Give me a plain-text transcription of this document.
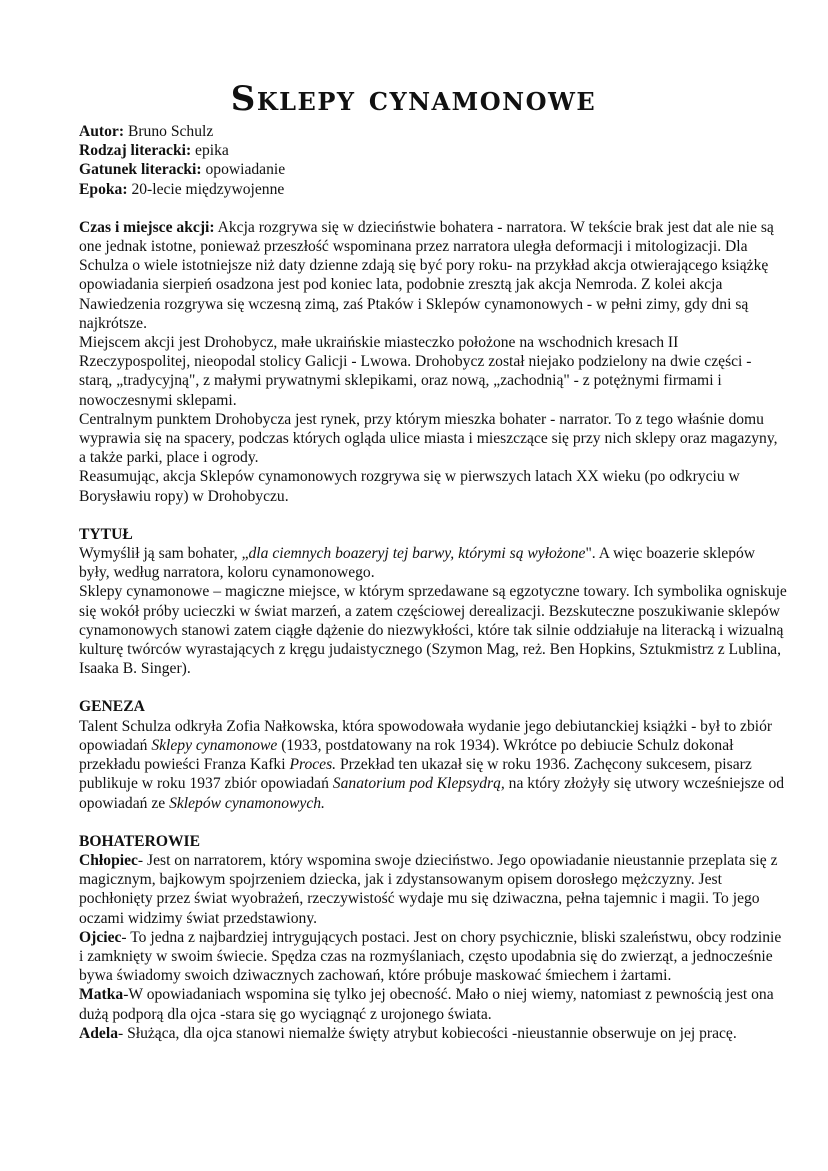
Sklepy cynamonowe

Autor: Bruno Schulz

Rodzaj literacki: epika

Gatunek literacki: opowiadanie

Epoka: 20-lecie międzywojenne

Czas i miejsce akcji: Akcja rozgrywa się w dzieciństwie bohatera - narratora. W tekście brak jest dat ale nie są one jednak istotne, ponieważ przeszłość wspominana przez narratora uległa deformacji i mitologizacji. Dla Schulza o wiele istotniejsze niż daty dzienne zdają się być pory roku- na przykład akcja otwierającego książkę opowiadania sierpień osadzona jest pod koniec lata, podobnie zresztą jak akcja Nemroda. Z kolei akcja Nawiedzenia rozgrywa się wczesną zimą, zaś Ptaków i Sklepów cynamonowych - w pełni zimy, gdy dni są najkrótsze.

Miejscem akcji jest Drohobycz, małe ukraińskie miasteczko położone na wschodnich kresach II Rzeczypospolitej, nieopodal stolicy Galicji - Lwowa. Drohobycz został niejako podzielony na dwie części - starą, „tradycyjną", z małymi prywatnymi sklepikami, oraz nową, „zachodnią" - z potężnymi firmami i nowoczesnymi sklepami.

Centralnym punktem Drohobycza jest rynek, przy którym mieszka bohater - narrator. To z tego właśnie domu wyprawia się na spacery, podczas których ogląda ulice miasta i mieszczące się przy nich sklepy oraz magazyny, a także parki, place i ogrody.

Reasumując, akcja Sklepów cynamonowych rozgrywa się w pierwszych latach XX wieku (po odkryciu w Borysławiu ropy) w Drohobyczu.

TYTUŁ

Wymyślił ją sam bohater, „dla ciemnych boazeryj tej barwy, którymi są wyłożone". A więc boazerie sklepów były, według narratora, koloru cynamonowego.

Sklepy cynamonowe – magiczne miejsce, w którym sprzedawane są egzotyczne towary. Ich symbolika ogniskuje się wokół próby ucieczki w świat marzeń, a zatem częściowej derealizacji. Bezskuteczne poszukiwanie sklepów cynamonowych stanowi zatem ciągłe dążenie do niezwykłości, które tak silnie oddziałuje na literacką i wizualną kulturę twórców wyrastających z kręgu judaistycznego (Szymon Mag, reż. Ben Hopkins, Sztukmistrz z Lublina, Isaaka B. Singer).

GENEZA

Talent Schulza odkryła Zofia Nałkowska, która spowodowała wydanie jego debiutanckiej książki - był to zbiór opowiadań Sklepy cynamonowe (1933, postdatowany na rok 1934). Wkrótce po debiucie Schulz dokonał przekładu powieści Franza Kafki Proces. Przekład ten ukazał się w roku 1936. Zachęcony sukcesem, pisarz publikuje w roku 1937 zbiór opowiadań Sanatorium pod Klepsydrą, na który złożyły się utwory wcześniejsze od opowiadań ze Sklepów cynamonowych.

BOHATEROWIE

Chłopiec- Jest on narratorem, który wspomina swoje dzieciństwo. Jego opowiadanie nieustannie przeplata się z magicznym, bajkowym spojrzeniem dziecka, jak i zdystansowanym opisem dorosłego mężczyzny. Jest pochłonięty przez świat wyobrażeń, rzeczywistość wydaje mu się dziwaczna, pełna tajemnic i magii. To jego oczami widzimy świat przedstawiony.

Ojciec- To jedna z najbardziej intrygujących postaci. Jest on chory psychicznie, bliski szaleństwu, obcy rodzinie i zamknięty w swoim świecie. Spędza czas na rozmyślaniach, często upodabnia się do zwierząt, a jednocześnie bywa świadomy swoich dziwacznych zachowań, które próbuje maskować śmiechem i żartami.

Matka-W opowiadaniach wspomina się tylko jej obecność. Mało o niej wiemy, natomiast z pewnością jest ona dużą podporą dla ojca -stara się go wyciągnąć z urojonego świata.

Adela- Służąca, dla ojca stanowi niemalże święty atrybut kobiecości -nieustannie obserwuje on jej pracę.
